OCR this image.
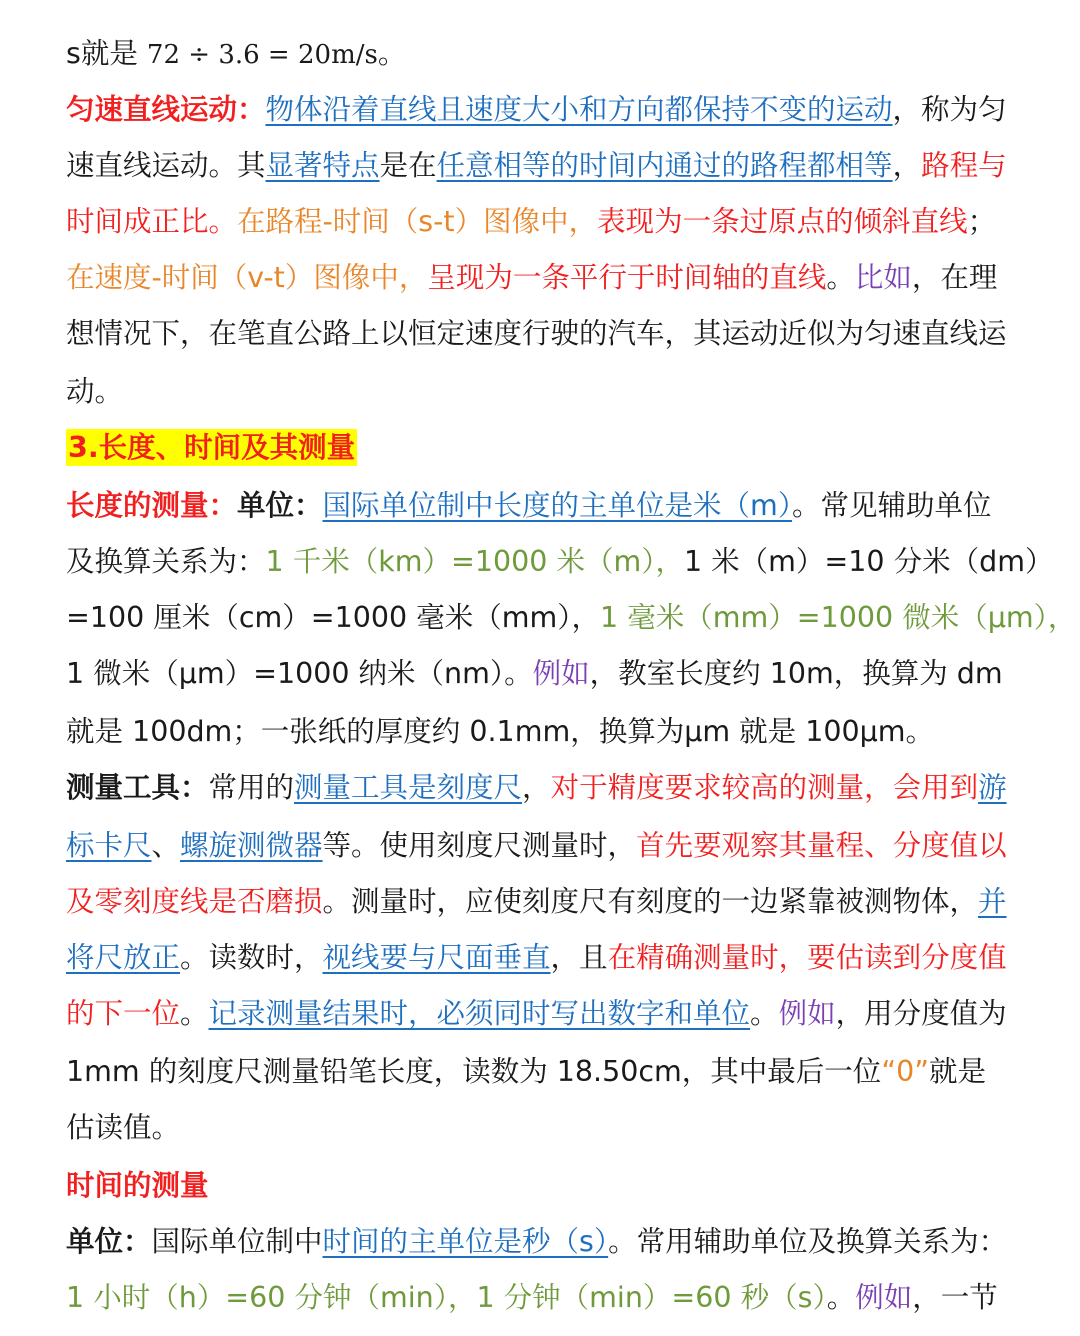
s就是 72 ÷ 3.6 = 20m/s。
匀速直线运动：物体沿着直线且速度大小和方向都保持不变的运动，称为匀
速直线运动。其显著特点是在任意相等的时间内通过的路程都相等，路程与
时间成正比。在路程-时间（s-t）图像中，表现为一条过原点的倾斜直线；
在速度-时间（v-t）图像中，呈现为一条平行于时间轴的直线。比如，在理
想情况下，在笔直公路上以恒定速度行驶的汽车，其运动近似为匀速直线运
动。
3.长度、时间及其测量
长度的测量：单位：国际单位制中长度的主单位是米（m）。常见辅助单位
及换算关系为：1 千米（km）=1000 米（m），1 米（m）=10 分米（dm）
=100 厘米（cm）=1000 毫米（mm），1 毫米（mm）=1000 微米（μm），
1 微米（μm）=1000 纳米（nm）。例如，教室长度约 10m，换算为 dm
就是 100dm；一张纸的厚度约 0.1mm，换算为μm 就是 100μm。
测量工具：常用的测量工具是刻度尺，对于精度要求较高的测量，会用到游
标卡尺、螺旋测微器等。使用刻度尺测量时，首先要观察其量程、分度值以
及零刻度线是否磨损。测量时，应使刻度尺有刻度的一边紧靠被测物体，并
将尺放正。读数时，视线要与尺面垂直，且在精确测量时，要估读到分度值
的下一位。记录测量结果时，必须同时写出数字和单位。例如，用分度值为
1mm 的刻度尺测量铅笔长度，读数为 18.50cm，其中最后一位“0”就是
估读值。
时间的测量
单位：国际单位制中时间的主单位是秒（s）。常用辅助单位及换算关系为：
1 小时（h）=60 分钟（min），1 分钟（min）=60 秒（s）。例如，一节
